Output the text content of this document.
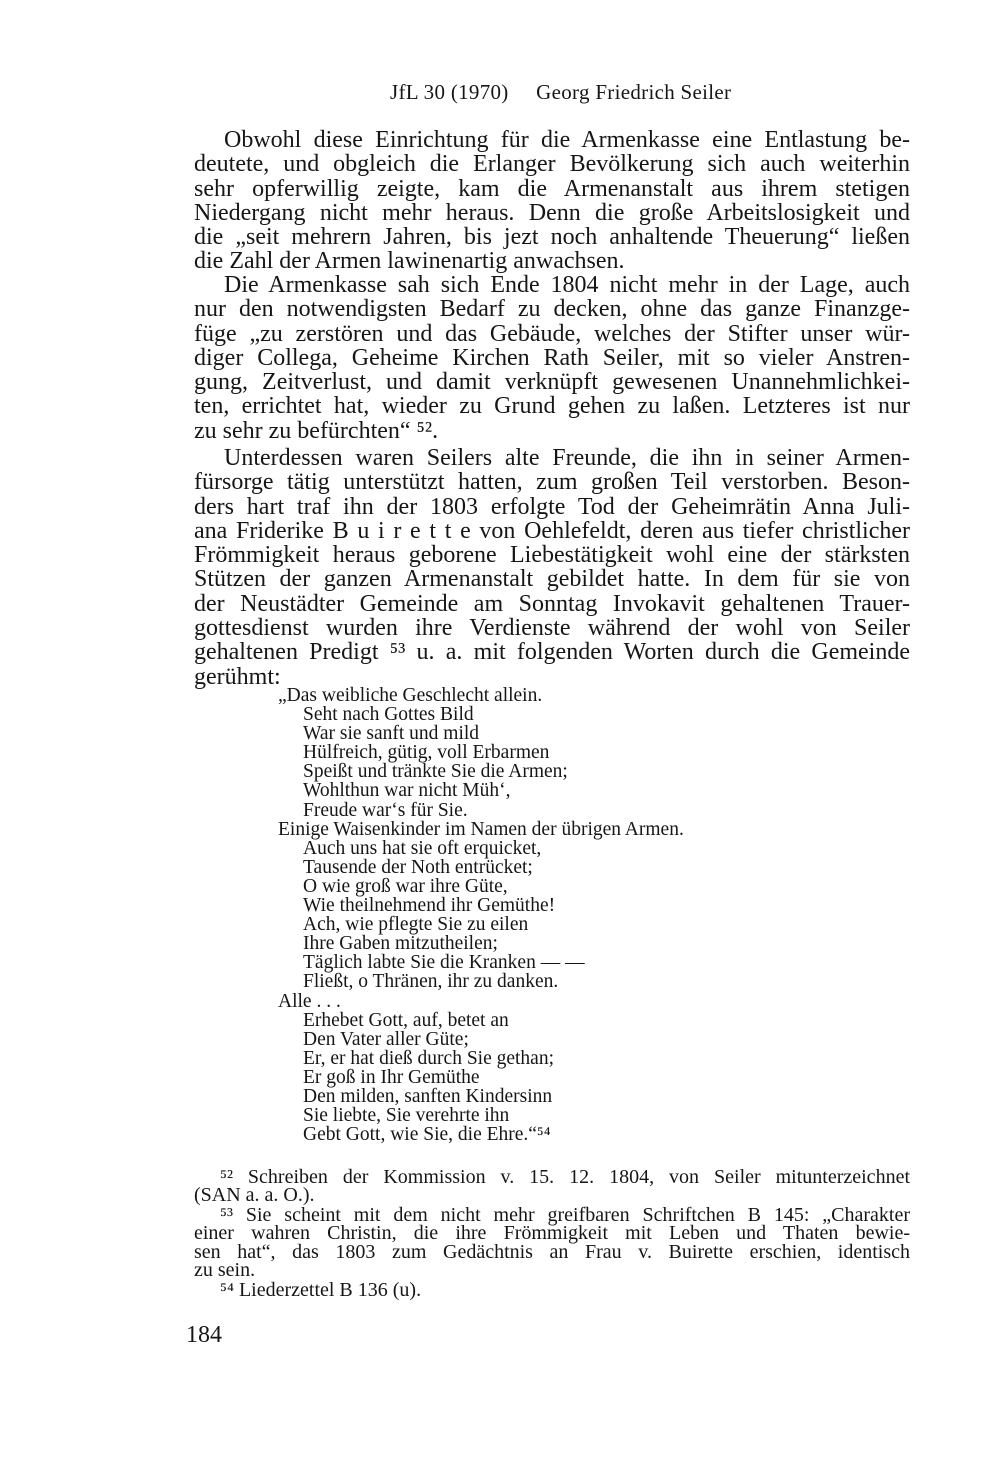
JfL 30 (1970) Georg Friedrich Seiler
Obwohl diese Einrichtung für die Armenkasse eine Entlastung be-
deutete, und obgleich die Erlanger Bevölkerung sich auch weiterhin
sehr opferwillig zeigte, kam die Armenanstalt aus ihrem stetigen
Niedergang nicht mehr heraus. Denn die große Arbeitslosigkeit und
die „seit mehrern Jahren, bis jezt noch anhaltende Theuerung“ ließen
die Zahl der Armen lawinenartig anwachsen.
Die Armenkasse sah sich Ende 1804 nicht mehr in der Lage, auch
nur den notwendigsten Bedarf zu decken, ohne das ganze Finanzge-
füge „zu zerstören und das Gebäude, welches der Stifter unser wür-
diger Collega, Geheime Kirchen Rath Seiler, mit so vieler Anstren-
gung, Zeitverlust, und damit verknüpft gewesenen Unannehmlichkei-
ten, errichtet hat, wieder zu Grund gehen zu laßen. Letzteres ist nur
zu sehr zu befürchten“ ⁵².
Unterdessen waren Seilers alte Freunde, die ihn in seiner Armen-
fürsorge tätig unterstützt hatten, zum großen Teil verstorben. Beson-
ders hart traf ihn der 1803 erfolgte Tod der Geheimrätin Anna Juli-
ana Friderike B u i r e t t e von Oehlefeldt, deren aus tiefer christlicher
Frömmigkeit heraus geborene Liebestätigkeit wohl eine der stärksten
Stützen der ganzen Armenanstalt gebildet hatte. In dem für sie von
der Neustädter Gemeinde am Sonntag Invokavit gehaltenen Trauer-
gottesdienst wurden ihre Verdienste während der wohl von Seiler
gehaltenen Predigt ⁵³ u. a. mit folgenden Worten durch die Gemeinde
gerühmt:
„Das weibliche Geschlecht allein.
Seht nach Gottes Bild
War sie sanft und mild
Hülfreich, gütig, voll Erbarmen
Speißt und tränkte Sie die Armen;
Wohlthun war nicht Müh‘,
Freude war‘s für Sie.
Einige Waisenkinder im Namen der übrigen Armen.
Auch uns hat sie oft erquicket,
Tausende der Noth entrücket;
O wie groß war ihre Güte,
Wie theilnehmend ihr Gemüthe!
Ach, wie pflegte Sie zu eilen
Ihre Gaben mitzutheilen;
Täglich labte Sie die Kranken — —
Fließt, o Thränen, ihr zu danken.
Alle . . .
Erhebet Gott, auf, betet an
Den Vater aller Güte;
Er, er hat dieß durch Sie gethan;
Er goß in Ihr Gemüthe
Den milden, sanften Kindersinn
Sie liebte, Sie verehrte ihn
Gebt Gott, wie Sie, die Ehre.“⁵⁴
⁵² Schreiben der Kommission v. 15. 12. 1804, von Seiler mitunterzeichnet
(SAN a. a. O.).
⁵³ Sie scheint mit dem nicht mehr greifbaren Schriftchen B 145: „Charakter
einer wahren Christin, die ihre Frömmigkeit mit Leben und Thaten bewie-
sen hat“, das 1803 zum Gedächtnis an Frau v. Buirette erschien, identisch
zu sein.
⁵⁴ Liederzettel B 136 (u).
184
